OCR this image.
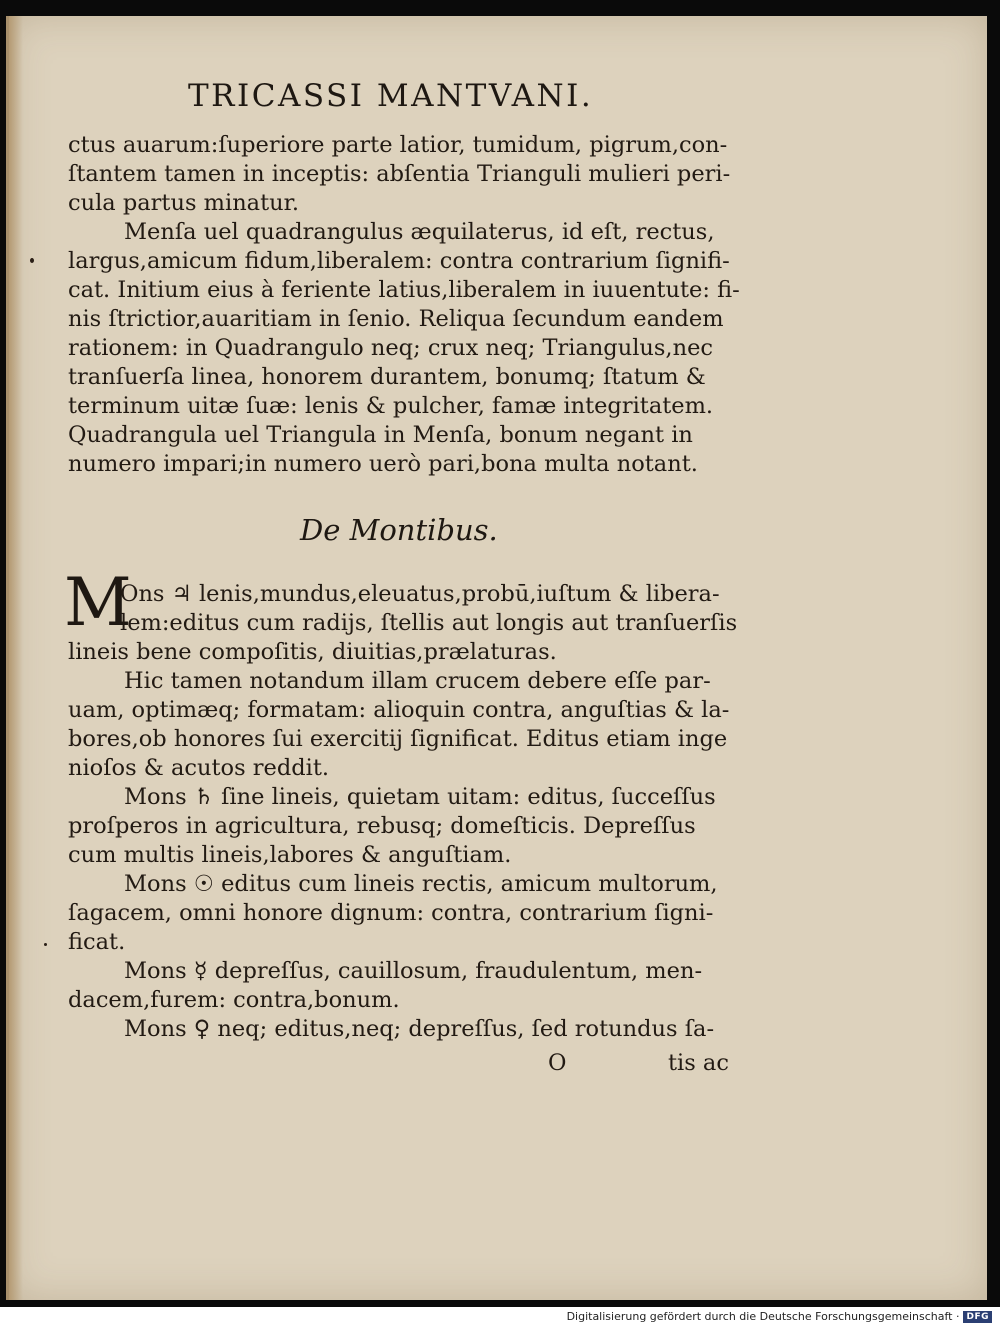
TRICASSI MANTVANI.
ctus auarum:ſuperiore parte latior, tumidum, pigrum,con-
ſtantem tamen in inceptis: abſentia Trianguli mulieri peri-
cula partus minatur.
Menſa uel quadrangulus æquilaterus, id eſt, rectus,
largus,amicum fidum,liberalem: contra contrarium ſignifi-
cat. Initium eius à feriente latius,liberalem in iuuentute: fi-
nis ſtrictior,auaritiam in ſenio. Reliqua ſecundum eandem
rationem: in Quadrangulo neq; crux neq; Triangulus,nec
tranſuerſa linea, honorem durantem, bonumq; ſtatum &
terminum uitæ ſuæ: lenis & pulcher, famæ integritatem.
Quadrangula uel Triangula in Menſa, bonum negant in
numero impari;in numero uerò pari,bona multa notant.
De Montibus.
M
Ons ♃ lenis,mundus,eleuatus,probū,iuſtum & libera-
lem:editus cum radijs, ſtellis aut longis aut tranſuerſis
lineis bene compoſitis, diuitias,prælaturas.
Hic tamen notandum illam crucem debere eſſe par-
uam, optimæq; formatam: alioquin contra, anguſtias & la-
bores,ob honores ſui exercitij ſignificat. Editus etiam inge
nioſos & acutos reddit.
Mons ♄ ſine lineis, quietam uitam: editus, ſucceſſus
proſperos in agricultura, rebusq; domeſticis. Depreſſus
cum multis lineis,labores & anguſtiam.
Mons ☉ editus cum lineis rectis, amicum multorum,
ſagacem, omni honore dignum: contra, contrarium ſigni-
ficat.
Mons ☿ depreſſus, cauillosum, fraudulentum, men-
dacem,furem: contra,bonum.
Mons ♀ neq; editus,neq; depreſſus, ſed rotundus ſa-
O	tis ac
Digitalisierung gefördert durch die Deutsche Forschungsgemeinschaft · DFG
